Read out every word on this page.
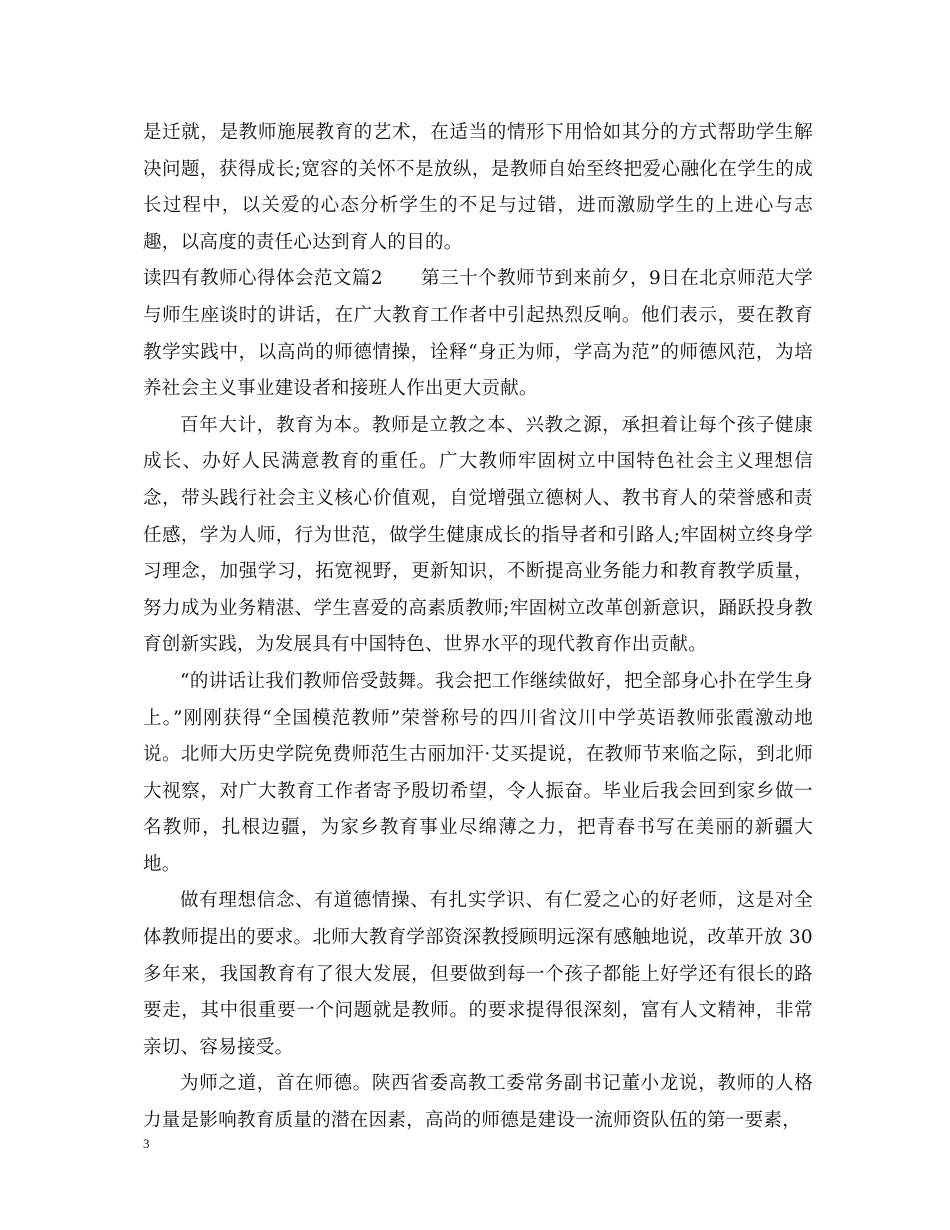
是迁就，是教师施展教育的艺术，在适当的情形下用恰如其分的方式帮助学生解决问题，获得成长;宽容的关怀不是放纵，是教师自始至终把爱心融化在学生的成长过程中，以关爱的心态分析学生的不足与过错，进而激励学生的上进心与志趣，以高度的责任心达到育人的目的。

读四有教师心得体会范文篇2　　第三十个教师节到来前夕，9日在北京师范大学与师生座谈时的讲话，在广大教育工作者中引起热烈反响。他们表示，要在教育教学实践中，以高尚的师德情操，诠释“身正为师，学高为范”的师德风范，为培养社会主义事业建设者和接班人作出更大贡献。

百年大计，教育为本。教师是立教之本、兴教之源，承担着让每个孩子健康成长、办好人民满意教育的重任。广大教师牢固树立中国特色社会主义理想信念，带头践行社会主义核心价值观，自觉增强立德树人、教书育人的荣誉感和责任感，学为人师，行为世范，做学生健康成长的指导者和引路人;牢固树立终身学习理念，加强学习，拓宽视野，更新知识，不断提高业务能力和教育教学质量，努力成为业务精湛、学生喜爱的高素质教师;牢固树立改革创新意识，踊跃投身教育创新实践，为发展具有中国特色、世界水平的现代教育作出贡献。

“的讲话让我们教师倍受鼓舞。我会把工作继续做好，把全部身心扑在学生身上。”刚刚获得“全国模范教师”荣誉称号的四川省汶川中学英语教师张霞激动地说。北师大历史学院免费师范生古丽加汗·艾买提说，在教师节来临之际，到北师大视察，对广大教育工作者寄予殷切希望，令人振奋。毕业后我会回到家乡做一名教师，扎根边疆，为家乡教育事业尽绵薄之力，把青春书写在美丽的新疆大地。

做有理想信念、有道德情操、有扎实学识、有仁爱之心的好老师，这是对全体教师提出的要求。北师大教育学部资深教授顾明远深有感触地说，改革开放 30 多年来，我国教育有了很大发展，但要做到每一个孩子都能上好学还有很长的路要走，其中很重要一个问题就是教师。的要求提得很深刻，富有人文精神，非常亲切、容易接受。

为师之道，首在师德。陕西省委高教工委常务副书记董小龙说，教师的人格力量是影响教育质量的潜在因素，高尚的师德是建设一流师资队伍的第一要素，

3
